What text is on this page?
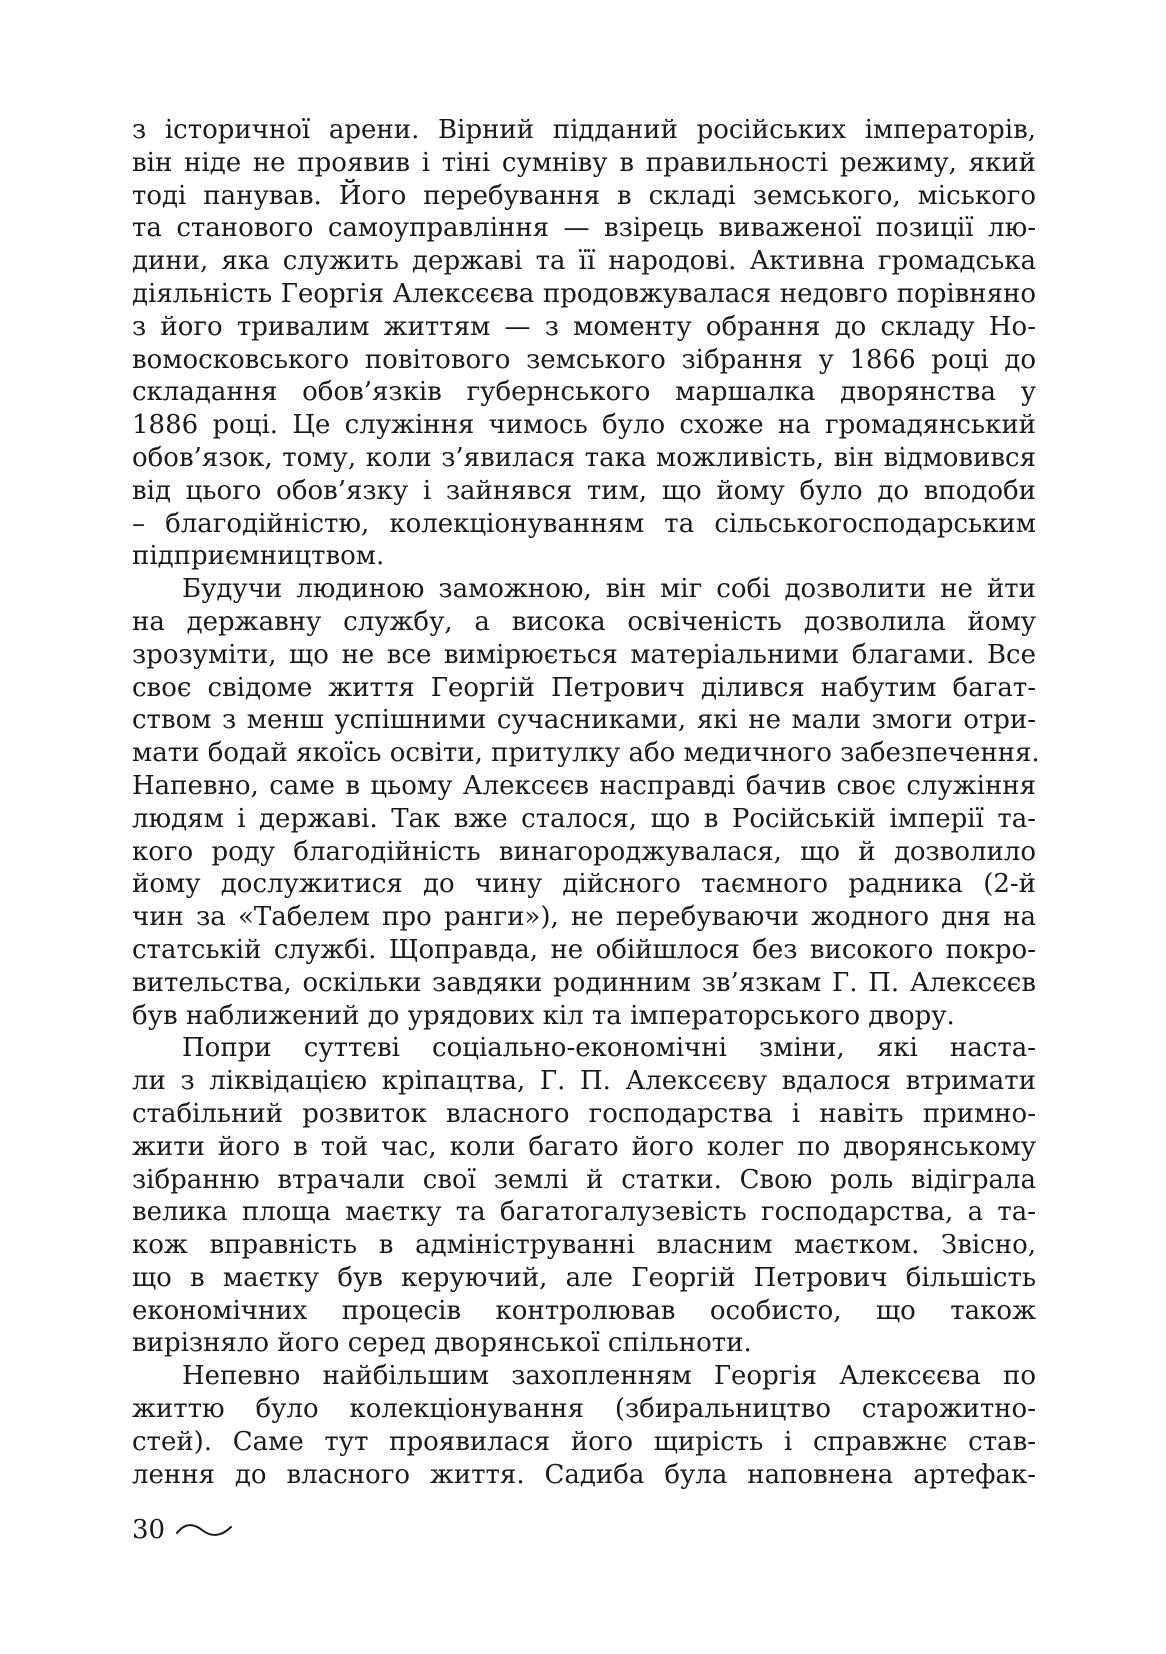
з історичної арени. Вірний підданий російських імператорів,
він ніде не проявив і тіні сумніву в правильності режиму, який
тоді панував. Його перебування в складі земського, міського
та станового самоуправління — взірець виваженої позиції лю-
дини, яка служить державі та її народові. Активна громадська
діяльність Георгія Алексєєва продовжувалася недовго порівняно
з його тривалим життям — з моменту обрання до складу Но-
вомосковського повітового земського зібрання у 1866 році до
складання обов’язків губернського маршалка дворянства у
1886 році. Це служіння чимось було схоже на громадянський
обов’язок, тому, коли з’явилася така можливість, він відмовився
від цього обов’язку і зайнявся тим, що йому було до вподоби
– благодійністю, колекціонуванням та сільськогосподарським
підприємництвом.
Будучи людиною заможною, він міг собі дозволити не йти
на державну службу, а висока освіченість дозволила йому
зрозуміти, що не все вимірюється матеріальними благами. Все
своє свідоме життя Георгій Петрович ділився набутим багат-
ством з менш успішними сучасниками, які не мали змоги отри-
мати бодай якоїсь освіти, притулку або медичного забезпечення.
Напевно, саме в цьому Алексєєв насправді бачив своє служіння
людям і державі. Так вже сталося, що в Російській імперії та-
кого роду благодійність винагороджувалася, що й дозволило
йому дослужитися до чину дійсного таємного радника (2-й
чин за «Табелем про ранги»), не перебуваючи жодного дня на
статській службі. Щоправда, не обійшлося без високого покро-
вительства, оскільки завдяки родинним зв’язкам Г. П. Алексєєв
був наближений до урядових кіл та імператорського двору.
Попри суттєві соціально-економічні зміни, які наста-
ли з ліквідацією кріпацтва, Г. П. Алексєєву вдалося втримати
стабільний розвиток власного господарства і навіть примно-
жити його в той час, коли багато його колег по дворянському
зібранню втрачали свої землі й статки. Свою роль відіграла
велика площа маєтку та багатогалузевість господарства, а та-
кож вправність в адмініструванні власним маєтком. Звісно,
що в маєтку був керуючий, але Георгій Петрович більшість
економічних процесів контролював особисто, що також
вирізняло його серед дворянської спільноти.
Непевно найбільшим захопленням Георгія Алексєєва по
життю було колекціонування (збиральництво старожитно-
стей). Саме тут проявилася його щирість і справжнє став-
лення до власного життя. Садиба була наповнена артефак-
30
